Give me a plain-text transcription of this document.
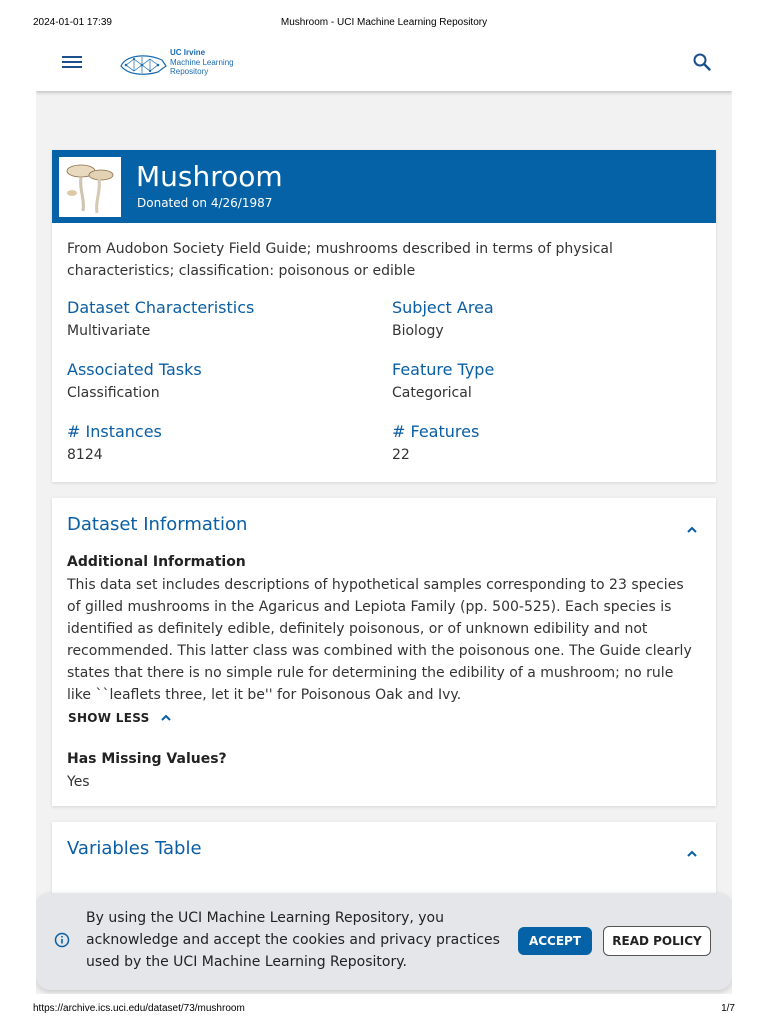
2024-01-01 17:39	Mushroom - UCI Machine Learning Repository
UC Irvine
Machine Learning
Repository
Mushroom
Donated on 4/26/1987
From Audobon Society Field Guide; mushrooms described in terms of physical characteristics; classification: poisonous or edible
Dataset Characteristics
Multivariate
Subject Area
Biology
Associated Tasks
Classification
Feature Type
Categorical
# Instances
8124
# Features
22
Dataset Information
Additional Information
This data set includes descriptions of hypothetical samples corresponding to 23 species of gilled mushrooms in the Agaricus and Lepiota Family (pp. 500-525). Each species is identified as definitely edible, definitely poisonous, or of unknown edibility and not recommended. This latter class was combined with the poisonous one. The Guide clearly states that there is no simple rule for determining the edibility of a mushroom; no rule like ``leaflets three, let it be'' for Poisonous Oak and Ivy.
SHOW LESS
Has Missing Values?
Yes
Variables Table
By using the UCI Machine Learning Repository, you acknowledge and accept the cookies and privacy practices used by the UCI Machine Learning Repository.
ACCEPT	READ POLICY
https://archive.ics.uci.edu/dataset/73/mushroom	1/7
